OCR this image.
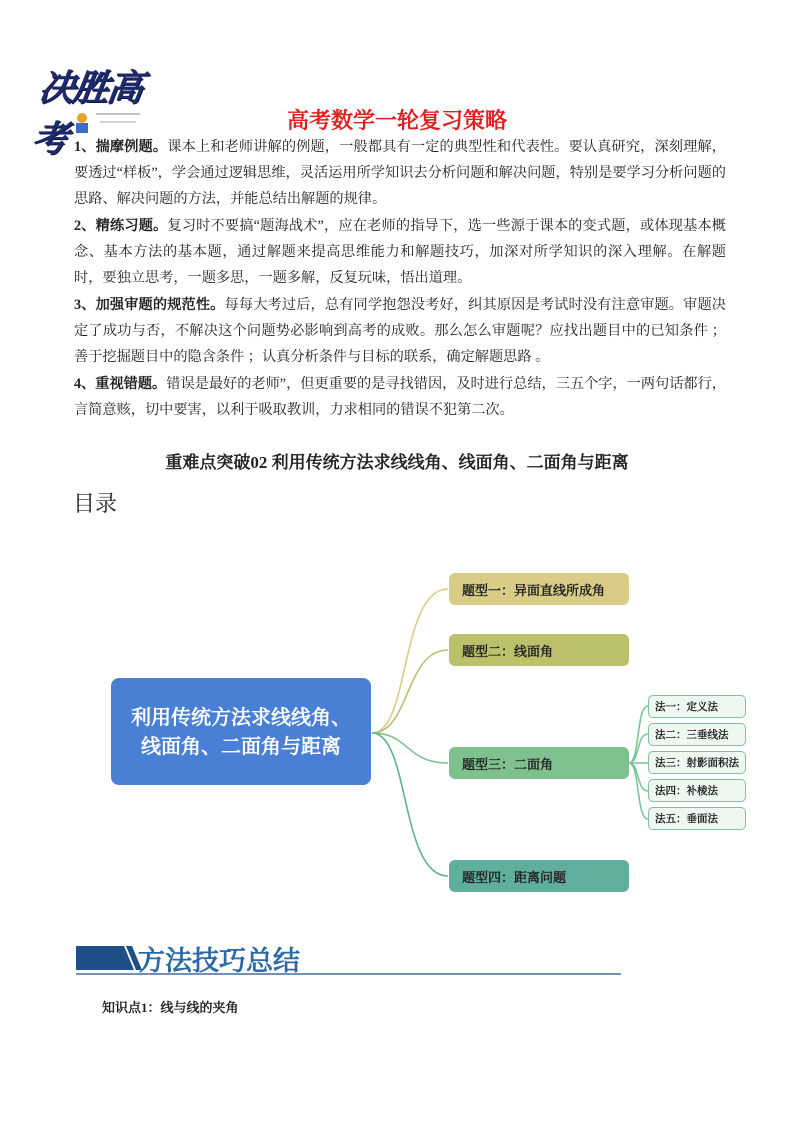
决胜高考	高考数学一轮复习策略
1、揣摩例题。课本上和老师讲解的例题，一般都具有一定的典型性和代表性。要认真研究，深刻理解，要透过“样板”，学会通过逻辑思维，灵活运用所学知识去分析问题和解决问题，特别是要学习分析问题的思路、解决问题的方法，并能总结出解题的规律。
2、精练习题。复习时不要搞“题海战术”，应在老师的指导下，选一些源于课本的变式题，或体现基本概念、基本方法的基本题，通过解题来提高思维能力和解题技巧，加深对所学知识的深入理解。在解题时，要独立思考，一题多思，一题多解，反复玩味，悟出道理。
3、加强审题的规范性。每每大考过后，总有同学抱怨没考好，纠其原因是考试时没有注意审题。审题决定了成功与否，不解决这个问题势必影响到高考的成败。那么怎么审题呢？应找出题目中的已知条件 ；善于挖掘题目中的隐含条件 ；认真分析条件与目标的联系，确定解题思路 。
4、重视错题。错误是最好的老师”，但更重要的是寻找错因，及时进行总结，三五个字，一两句话都行，言简意赅，切中要害，以利于吸取教训，力求相同的错误不犯第二次。
重难点突破02 利用传统方法求线线角、线面角、二面角与距离
目录
利用传统方法求线线角、线面角、二面角与距离
题型一：异面直线所成角
题型二：线面角
题型三：二面角
题型四：距离问题
法一：定义法
法二：三垂线法
法三：射影面积法
法四：补棱法
法五：垂面法
方法技巧总结
知识点1：线与线的夹角
